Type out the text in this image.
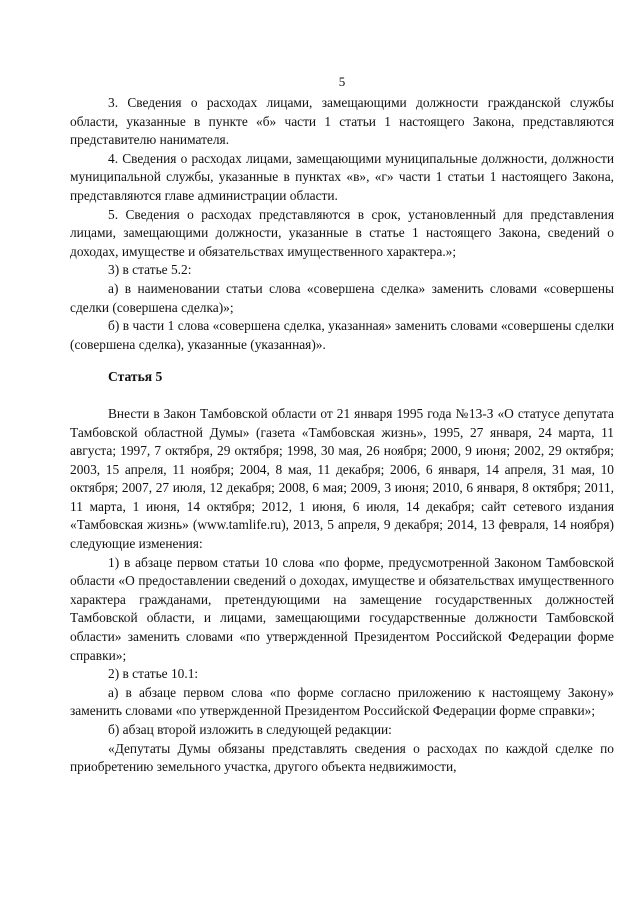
5

3. Сведения о расходах лицами, замещающими должности гражданской службы области, указанные в пункте «б» части 1 статьи 1 настоящего Закона, представляются представителю нанимателя.

4. Сведения о расходах лицами, замещающими муниципальные должности, должности муниципальной службы, указанные в пунктах «в», «г» части 1 статьи 1 настоящего Закона, представляются главе администрации области.

5. Сведения о расходах представляются в срок, установленный для представления лицами, замещающими должности, указанные в статье 1 настоящего Закона, сведений о доходах, имуществе и обязательствах имущественного характера.»;

3) в статье 5.2:

а) в наименовании статьи слова «совершена сделка» заменить словами «совершены сделки (совершена сделка)»;

б) в части 1 слова «совершена сделка, указанная» заменить словами «совершены сделки (совершена сделка), указанные (указанная)».

Статья 5

Внести в Закон Тамбовской области от 21 января 1995 года №13-З «О статусе депутата Тамбовской областной Думы» (газета «Тамбовская жизнь», 1995, 27 января, 24 марта, 11 августа; 1997, 7 октября, 29 октября; 1998, 30 мая, 26 ноября; 2000, 9 июня; 2002, 29 октября; 2003, 15 апреля, 11 ноября; 2004, 8 мая, 11 декабря; 2006, 6 января, 14 апреля, 31 мая, 10 октября; 2007, 27 июля, 12 декабря; 2008, 6 мая; 2009, 3 июня; 2010, 6 января, 8 октября; 2011, 11 марта, 1 июня, 14 октября; 2012, 1 июня, 6 июля, 14 декабря; сайт сетевого издания «Тамбовская жизнь» (www.tamlife.ru), 2013, 5 апреля, 9 декабря; 2014, 13 февраля, 14 ноября) следующие изменения:

1) в абзаце первом статьи 10 слова «по форме, предусмотренной Законом Тамбовской области «О предоставлении сведений о доходах, имуществе и обязательствах имущественного характера гражданами, претендующими на замещение государственных должностей Тамбовской области, и лицами, замещающими государственные должности Тамбовской области» заменить словами «по утвержденной Президентом Российской Федерации форме справки»;

2) в статье 10.1:

а) в абзаце первом слова «по форме согласно приложению к настоящему Закону» заменить словами «по утвержденной Президентом Российской Федерации форме справки»;

б) абзац второй изложить в следующей редакции:

«Депутаты Думы обязаны представлять сведения о расходах по каждой сделке по приобретению земельного участка, другого объекта недвижимости,
